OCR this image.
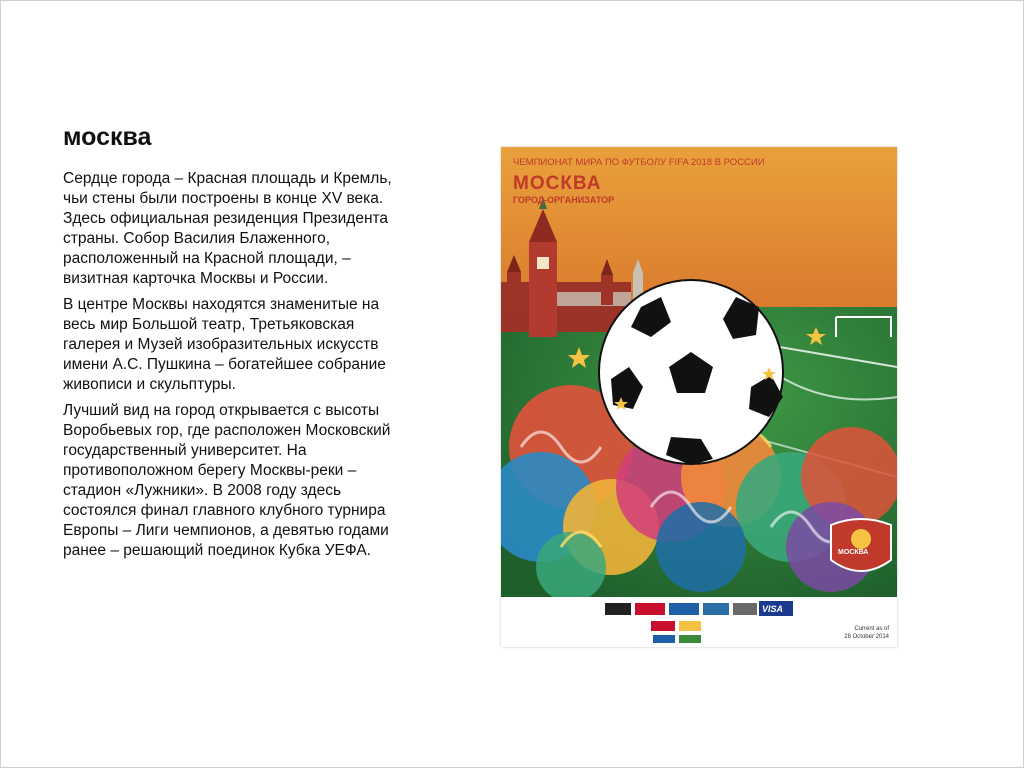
москва

Сердце города – Красная площадь и Кремль, чьи стены были построены в конце XV века. Здесь официальная резиденция Президента страны. Собор Василия Блаженного, расположенный на Красной площади, – визитная карточка Москвы и России.

В центре Москвы находятся знаменитые на весь мир Большой театр, Третьяковская галерея и Музей изобразительных искусств имени А.С. Пушкина – богатейшее собрание живописи и скульптуры.

Лучший вид на город открывается с высоты Воробьевых гор, где расположен Московский государственный университет. На противоположном берегу Москвы-реки – стадион «Лужники». В 2008 году здесь состоялся финал главного клубного турнира Европы – Лиги чемпионов, а девятью годами ранее – решающий поединок Кубка УЕФА.

ЧЕМПИОНАТ МИРА ПО ФУТБОЛУ FIFA 2018 В РОССИИ
МОСКВА
ГОРОД-ОРГАНИЗАТОР
МОСКВА
VISA
Current as of
28 October 2014
